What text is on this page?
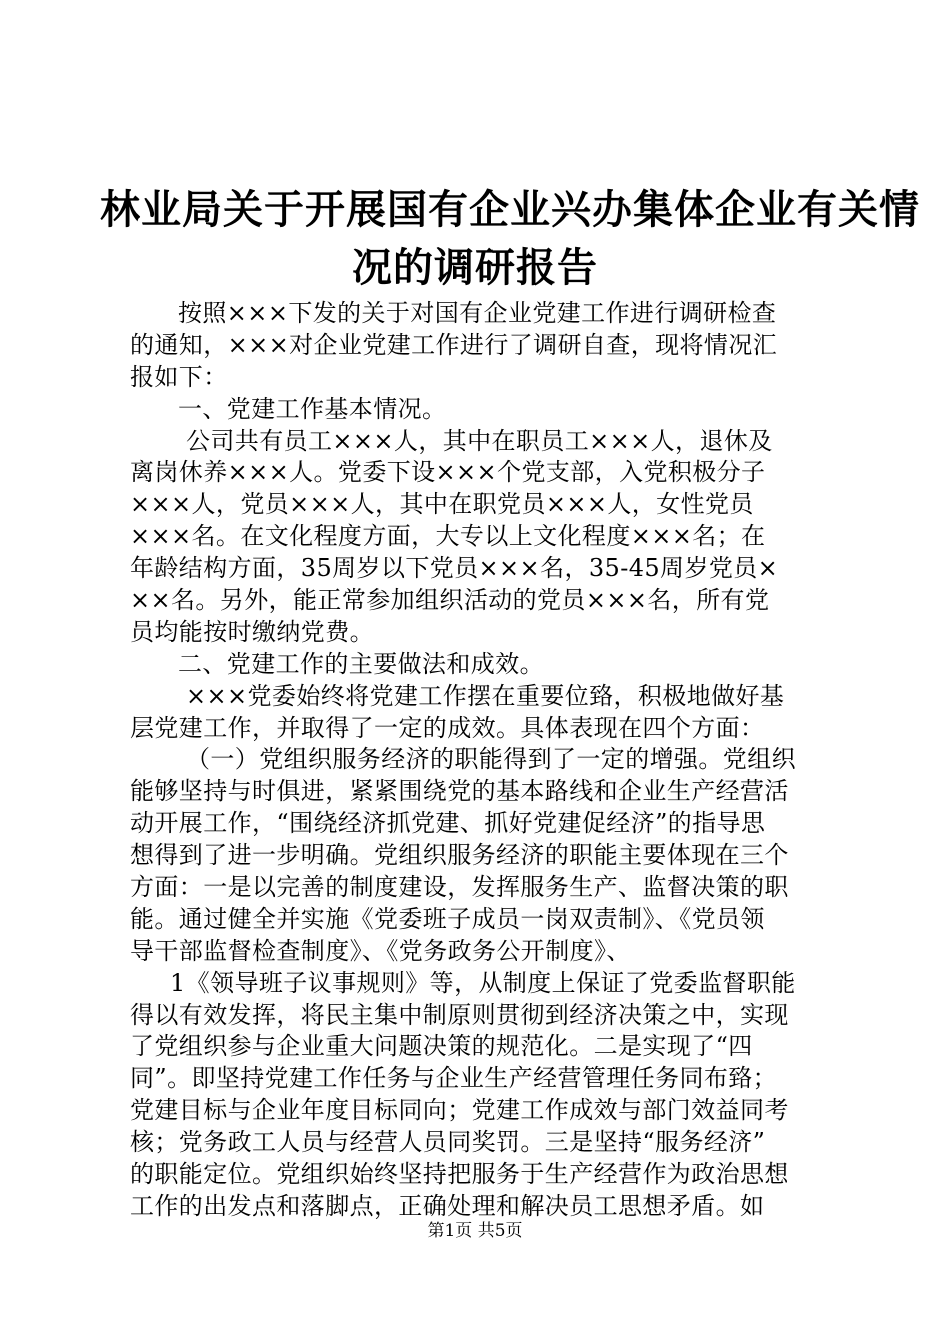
林业局关于开展国有企业兴办集体企业有关情
况的调研报告
按照×××下发的关于对国有企业党建工作进行调研检查
的通知，×××对企业党建工作进行了调研自查，现将情况汇
报如下：
一、党建工作基本情况。
公司共有员工×××人，其中在职员工×××人，退休及
离岗休养×××人。党委下设×××个党支部，入党积极分子
×××人，党员×××人，其中在职党员×××人，女性党员
×××名。在文化程度方面，大专以上文化程度×××名；在
年龄结构方面，35周岁以下党员×××名，35-45周岁党员×
××名。另外，能正常参加组织活动的党员×××名，所有党
员均能按时缴纳党费。
二、党建工作的主要做法和成效。
×××党委始终将党建工作摆在重要位臵，积极地做好基
层党建工作，并取得了一定的成效。具体表现在四个方面：
（一）党组织服务经济的职能得到了一定的增强。党组织
能够坚持与时俱进，紧紧围绕党的基本路线和企业生产经营活
动开展工作，“围绕经济抓党建、抓好党建促经济”的指导思
想得到了进一步明确。党组织服务经济的职能主要体现在三个
方面：一是以完善的制度建设，发挥服务生产、监督决策的职
能。通过健全并实施《党委班子成员一岗双责制》、《党员领
导干部监督检查制度》、《党务政务公开制度》、
1《领导班子议事规则》等，从制度上保证了党委监督职能
得以有效发挥，将民主集中制原则贯彻到经济决策之中，实现
了党组织参与企业重大问题决策的规范化。二是实现了“四
同”。即坚持党建工作任务与企业生产经营管理任务同布臵；
党建目标与企业年度目标同向；党建工作成效与部门效益同考
核；党务政工人员与经营人员同奖罚。三是坚持“服务经济”
的职能定位。党组织始终坚持把服务于生产经营作为政治思想
工作的出发点和落脚点，正确处理和解决员工思想矛盾。如
第1页 共5页
